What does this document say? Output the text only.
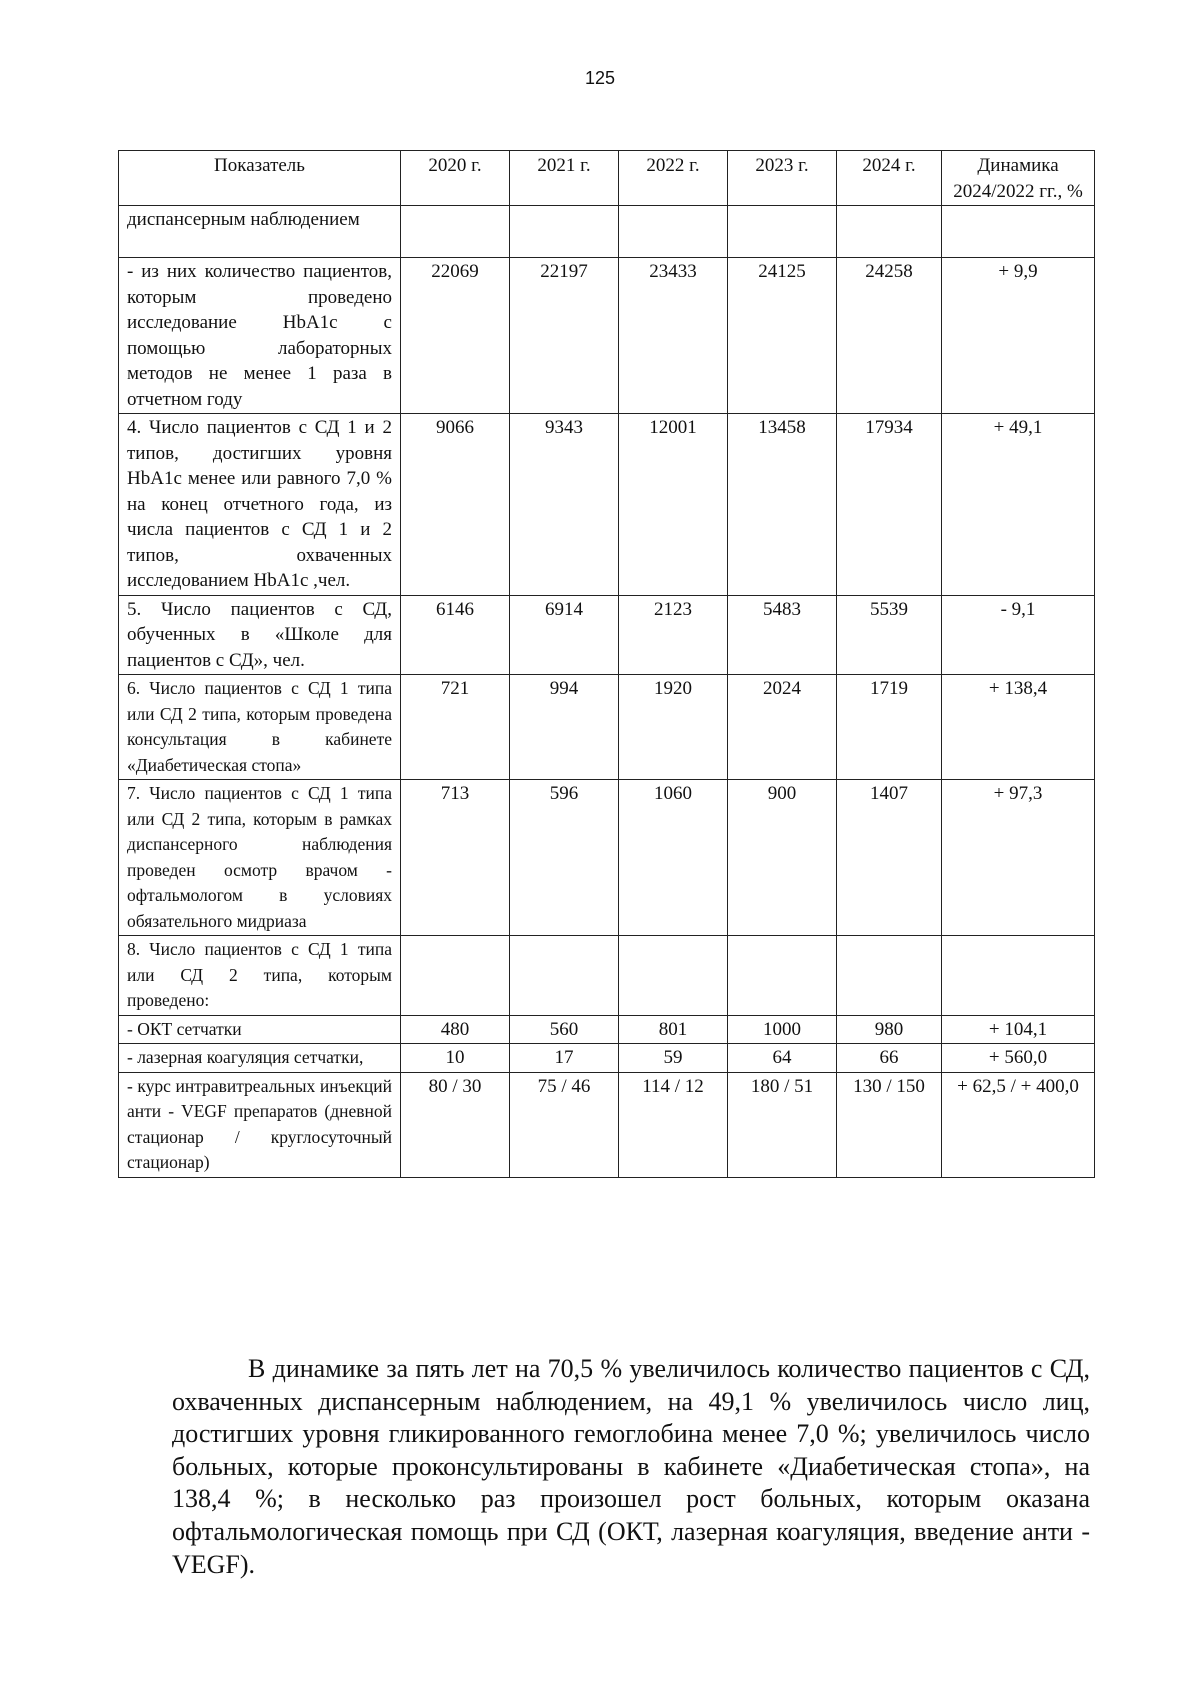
125
Показатель	2020 г.	2021 г.	2022 г.	2023 г.	2024 г.	Динамика 2024/2022 гг., %
диспансерным наблюдением						
- из них количество пациентов, которым проведено исследование HbA1c с помощью лабораторных методов не менее 1 раза в отчетном году	22069	22197	23433	24125	24258	+ 9,9
4. Число пациентов с СД 1 и 2 типов, достигших уровня HbA1c менее или равного 7,0 % на конец отчетного года, из числа пациентов с СД 1 и 2 типов, охваченных исследованием HbA1c ,чел.	9066	9343	12001	13458	17934	+ 49,1
5. Число пациентов с СД, обученных в «Школе для пациентов с СД», чел.	6146	6914	2123	5483	5539	- 9,1
6. Число пациентов с СД 1 типа или СД 2 типа, которым проведена консультация в кабинете «Диабетическая стопа»	721	994	1920	2024	1719	+ 138,4
7. Число пациентов с СД 1 типа или СД 2 типа, которым в рамках диспансерного наблюдения проведен осмотр врачом - офтальмологом в условиях обязательного мидриаза	713	596	1060	900	1407	+ 97,3
8. Число пациентов с СД 1 типа или СД 2 типа, которым проведено:						
- ОКТ сетчатки	480	560	801	1000	980	+ 104,1
- лазерная коагуляция сетчатки,	10	17	59	64	66	+ 560,0
- курс интравитреальных инъекций анти - VEGF препаратов (дневной стационар / круглосуточный стационар)	80 / 30	75 / 46	114 / 12	180 / 51	130 / 150	+ 62,5 / + 400,0

В динамике за пять лет на 70,5 % увеличилось количество пациентов с СД, охваченных диспансерным наблюдением, на 49,1 % увеличилось число лиц, достигших уровня гликированного гемоглобина менее 7,0 %; увеличилось число больных, которые проконсультированы в кабинете «Диабетическая стопа», на 138,4 %; в несколько раз произошел рост больных, которым оказана офтальмологическая помощь при СД (ОКТ, лазерная коагуляция, введение анти - VEGF).
